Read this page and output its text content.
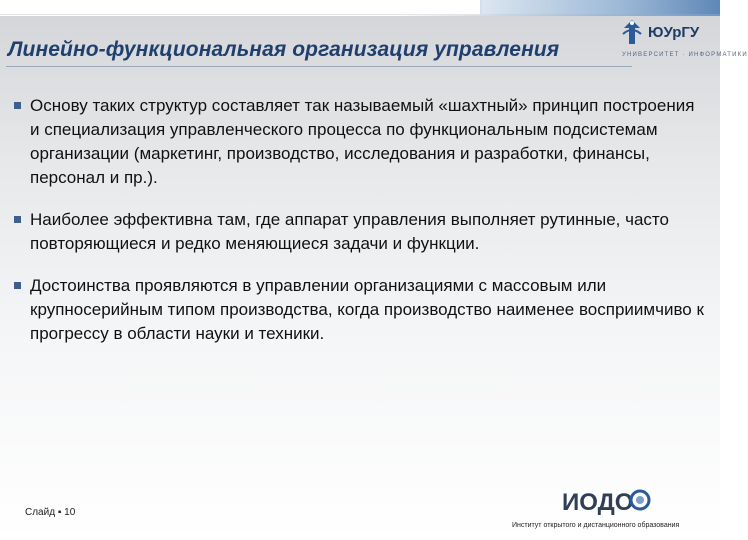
ЮУрГУ
УНИВЕРСИТЕТ · ИНФОРМАТИКИ
Линейно-функциональная организация управления
Основу таких структур составляет так называемый «шахтный» принцип построения и специализация управленческого процесса по функциональным подсистемам организации (маркетинг, производство, исследования и разработки, финансы, персонал и пр.).
Наиболее эффективна там, где аппарат управления выполняет рутинные, часто повторяющиеся и редко меняющиеся задачи и функции.
Достоинства проявляются в управлении организациями с массовым или крупносерийным типом производства, когда производство наименее восприимчиво к прогрессу в области науки и техники.
Слайд ▪ 10	ИОДО
Институт открытого и дистанционного образования
